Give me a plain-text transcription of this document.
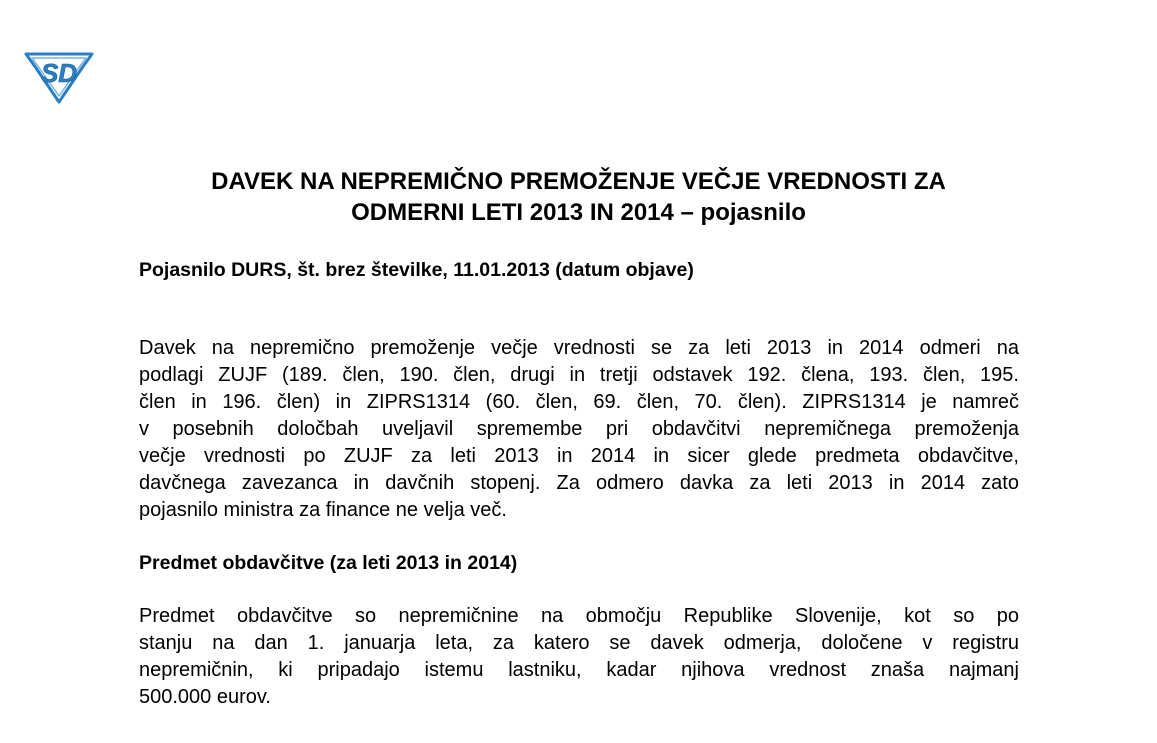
SD
DAVEK NA NEPREMIČNO PREMOŽENJE VEČJE VREDNOSTI ZA
ODMERNI LETI 2013 IN 2014 – pojasnilo

Pojasnilo DURS, št. brez številke, 11.01.2013 (datum objave)

Davek na nepremično premoženje večje vrednosti se za leti 2013 in 2014 odmeri na
podlagi ZUJF (189. člen, 190. člen, drugi in tretji odstavek 192. člena, 193. člen, 195.
člen in 196. člen) in ZIPRS1314 (60. člen, 69. člen, 70. člen). ZIPRS1314 je namreč
v posebnih določbah uveljavil spremembe pri obdavčitvi nepremičnega premoženja
večje vrednosti po ZUJF za leti 2013 in 2014 in sicer glede predmeta obdavčitve,
davčnega zavezanca in davčnih stopenj. Za odmero davka za leti 2013 in 2014 zato
pojasnilo ministra za finance ne velja več.

Predmet obdavčitve (za leti 2013 in 2014)

Predmet obdavčitve so nepremičnine na območju Republike Slovenije, kot so po
stanju na dan 1. januarja leta, za katero se davek odmerja, določene v registru
nepremičnin, ki pripadajo istemu lastniku, kadar njihova vrednost znaša najmanj
500.000 eurov.
